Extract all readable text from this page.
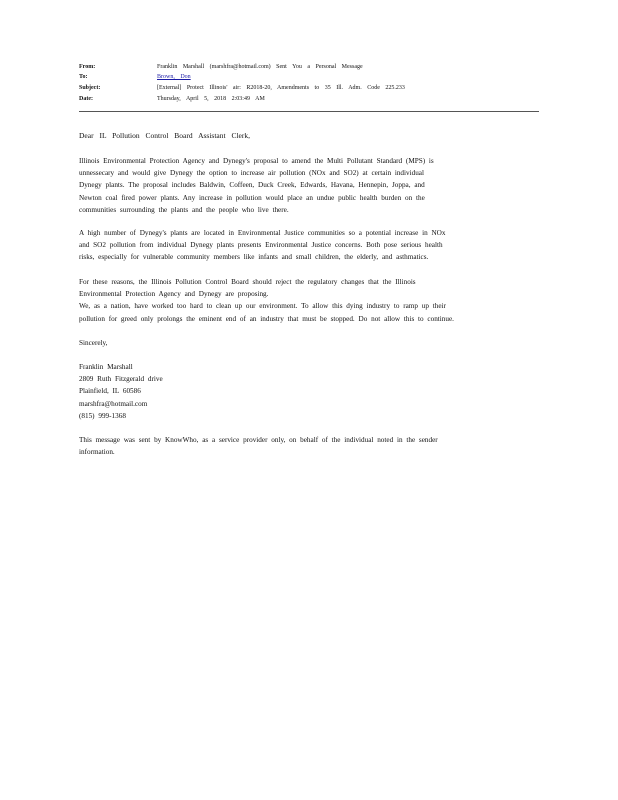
From:	Franklin Marshall (marshfra@hotmail.com) Sent You a Personal Message
To:	Brown, Don
Subject:	[External] Protect Illinois' air: R2018-20, Amendments to 35 Ill. Adm. Code 225.233
Date:	Thursday, April 5, 2018 2:03:49 AM
Dear IL Pollution Control Board Assistant Clerk,
Illinois Environmental Protection Agency and Dynegy's proposal to amend the Multi Pollutant Standard (MPS) is
unnessecary and would give Dynegy the option to increase air pollution (NOx and SO2) at certain individual
Dynegy plants. The proposal includes Baldwin, Coffeen, Duck Creek, Edwards, Havana, Hennepin, Joppa, and
Newton coal fired power plants. Any increase in pollution would place an undue public health burden on the
communities surrounding the plants and the people who live there.
A high number of Dynegy's plants are located in Environmental Justice communities so a potential increase in NOx
and SO2 pollution from individual Dynegy plants presents Environmental Justice concerns. Both pose serious health
risks, especially for vulnerable community members like infants and small children, the elderly, and asthmatics.
For these reasons, the Illinois Pollution Control Board should reject the regulatory changes that the Illinois
Environmental Protection Agency and Dynegy are proposing.
We, as a nation, have worked too hard to clean up our environment. To allow this dying industry to ramp up their
pollution for greed only prolongs the eminent end of an industry that must be stopped. Do not allow this to continue.
Sincerely,
Franklin Marshall
2809 Ruth Fitzgerald drive
Plainfield, IL 60586
marshfra@hotmail.com
(815) 999-1368
This message was sent by KnowWho, as a service provider only, on behalf of the individual noted in the sender
information.
